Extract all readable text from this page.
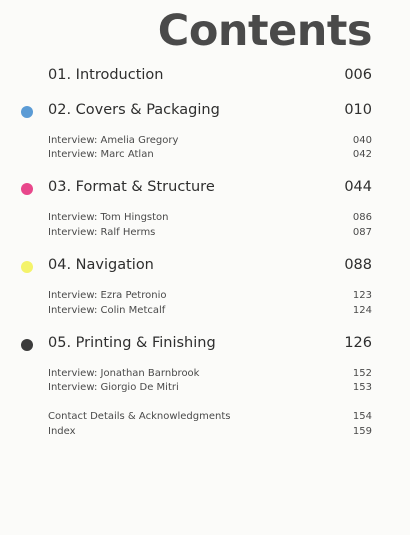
Contents
01. Introduction	006
02. Covers & Packaging	010
Interview: Amelia Gregory	040
Interview: Marc Atlan	042
03. Format & Structure	044
Interview: Tom Hingston	086
Interview: Ralf Herms	087
04. Navigation	088
Interview: Ezra Petronio	123
Interview: Colin Metcalf	124
05. Printing & Finishing	126
Interview: Jonathan Barnbrook	152
Interview: Giorgio De Mitri	153
Contact Details & Acknowledgments	154
Index	159
